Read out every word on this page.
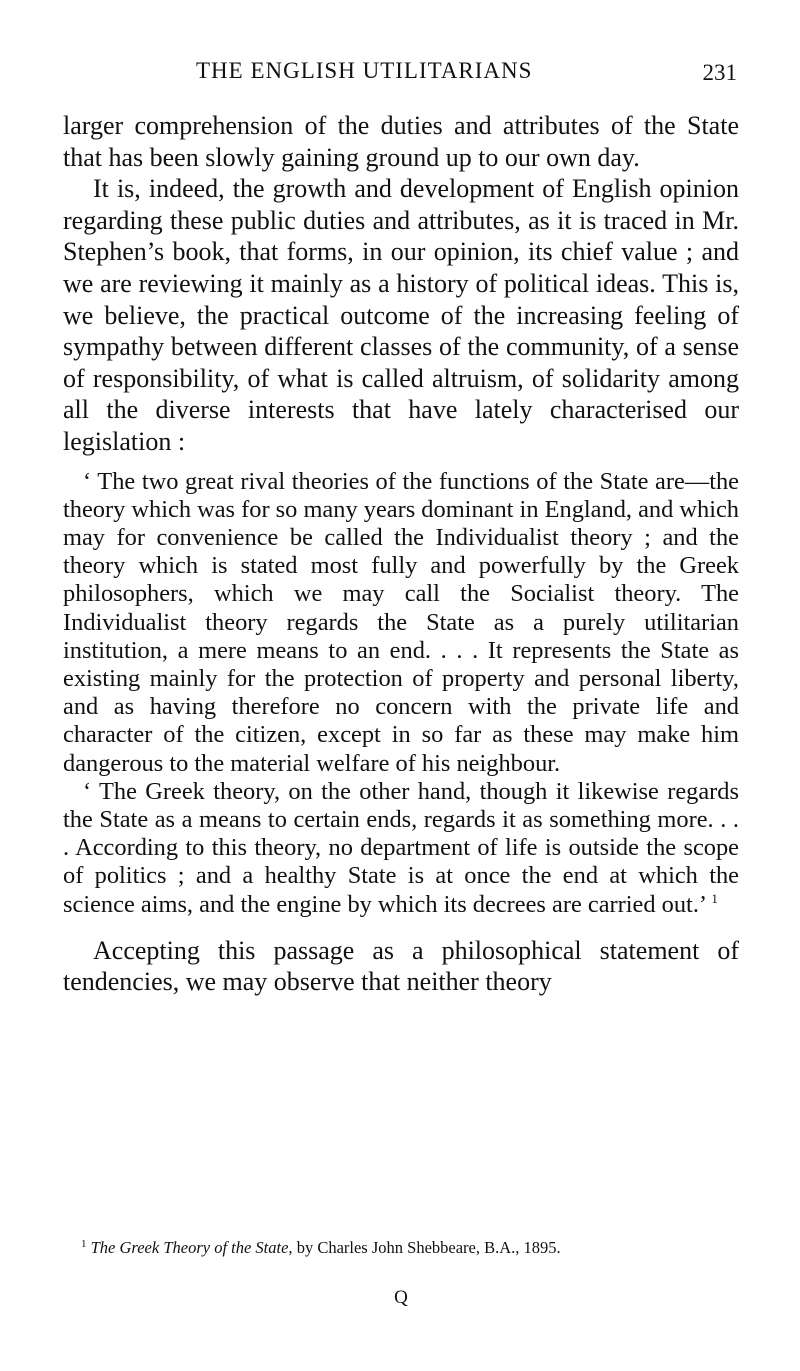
THE ENGLISH UTILITARIANS	231

larger comprehension of the duties and attributes of the State that has been slowly gaining ground up to our own day.

It is, indeed, the growth and development of English opinion regarding these public duties and attributes, as it is traced in Mr. Stephen’s book, that forms, in our opinion, its chief value ; and we are reviewing it mainly as a history of political ideas. This is, we believe, the practical outcome of the increasing feeling of sympathy between different classes of the community, of a sense of responsibility, of what is called altruism, of solidarity among all the diverse interests that have lately characterised our legislation :

‘ The two great rival theories of the functions of the State are—the theory which was for so many years dominant in England, and which may for convenience be called the Individualist theory ; and the theory which is stated most fully and powerfully by the Greek philosophers, which we may call the Socialist theory. The Individualist theory regards the State as a purely utilitarian institution, a mere means to an end. . . . It represents the State as existing mainly for the protection of property and personal liberty, and as having therefore no concern with the private life and character of the citizen, except in so far as these may make him dangerous to the material welfare of his neighbour.

‘ The Greek theory, on the other hand, though it likewise regards the State as a means to certain ends, regards it as something more. . . . According to this theory, no department of life is outside the scope of politics ; and a healthy State is at once the end at which the science aims, and the engine by which its decrees are carried out.’ $^1$

Accepting this passage as a philosophical statement of tendencies, we may observe that neither theory

$^1$ The Greek Theory of the State, by Charles John Shebbeare, B.A., 1895.

Q
